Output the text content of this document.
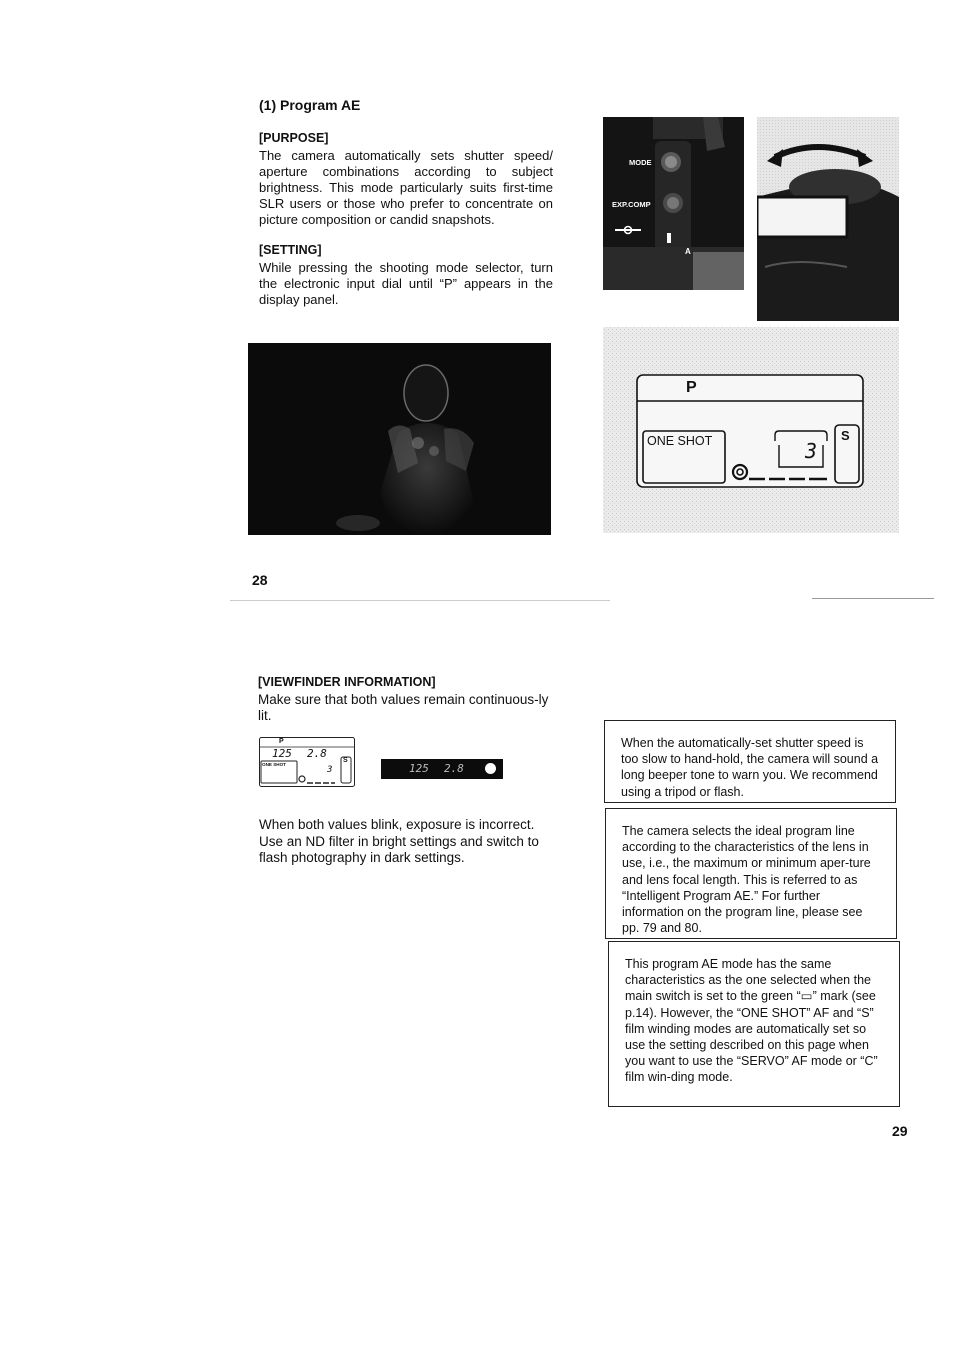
(1) Program AE
[PURPOSE]
The camera automatically sets shutter speed/ aperture combinations according to subject brightness. This mode particularly suits first-time SLR users or those who prefer to concentrate on picture composition or candid snapshots.
[SETTING]
While pressing the shooting mode selector, turn the electronic input dial until “P” appears in the display panel.
MODE
EXP.COMP
A
P
ONE SHOT	3
S
28
[VIEWFINDER INFORMATION]
Make sure that both values remain continuous-ly lit.
P
125 2.8
ONE SHOT
3
S
125 2.8
When both values blink, exposure is incorrect. Use an ND filter in bright settings and switch to flash photography in dark settings.
When the automatically-set shutter speed is too slow to hand-hold, the camera will sound a long beeper tone to warn you. We recommend using a tripod or flash.
The camera selects the ideal program line according to the characteristics of the lens in use, i.e., the maximum or minimum aper-ture and lens focal length. This is referred to as “Intelligent Program AE.” For further information on the program line, please see pp. 79 and 80.
This program AE mode has the same characteristics as the one selected when the main switch is set to the green “▭” mark (see p.14). However, the “ONE SHOT” AF and “S” film winding modes are automatically set so use the setting described on this page when you want to use the “SERVO” AF mode or “C” film win-ding mode.
29
